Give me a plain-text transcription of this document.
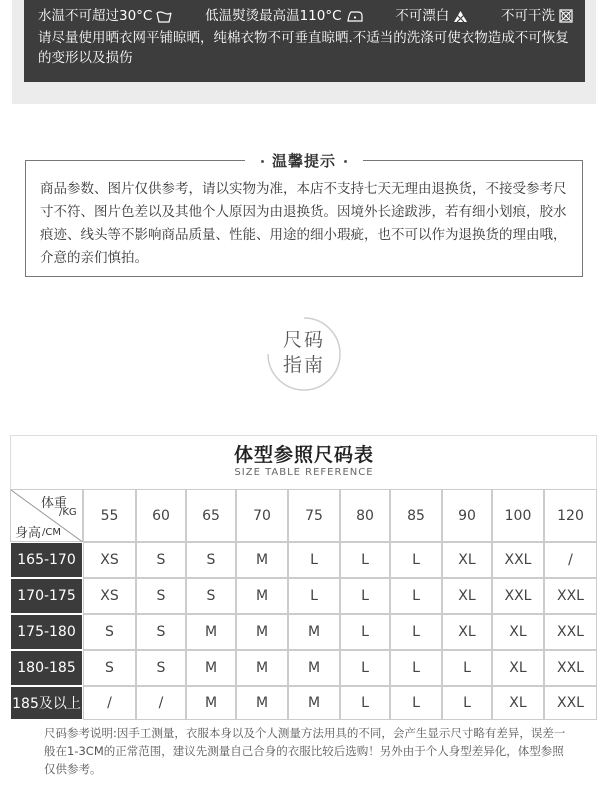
水温不可超过30°C	低温熨烫最高温110°C	不可漂白	不可干洗
请尽量使用晒衣网平铺晾晒，纯棉衣物不可垂直晾晒.不适当的洗涤可使衣物造成不可恢复的变形以及损伤
温馨提示
商品参数、图片仅供参考，请以实物为准，本店不支持七天无理由退换货，不接受参考尺寸不符、图片色差以及其他个人原因为由退换货。因境外长途跋涉，若有细小划痕，胶水痕迹、线头等不影响商品质量、性能、用途的细小瑕疵，也不可以作为退换货的理由哦，介意的亲们慎拍。
尺码
指南
体型参照尺码表
SIZE TABLE REFERENCE
体重
/KG
身高 /CM
55	60	65	70	75	80	85	90	100	120
165-170	XS	S	S	M	L	L	L	XL	XXL	/
170-175	XS	S	S	M	L	L	L	XL	XXL	XXL
175-180	S	S	M	M	M	L	L	XL	XL	XXL
180-185	S	S	M	M	M	L	L	L	XL	XXL
185及以上	/	/	M	M	M	L	L	L	XL	XXL
尺码参考说明:因手工测量，衣服本身以及个人测量方法用具的不同，会产生显示尺寸略有差异，误差一般在1-3CM的正常范围，建议先测量自己合身的衣服比较后选购！另外由于个人身型差异化，体型参照仅供参考。
